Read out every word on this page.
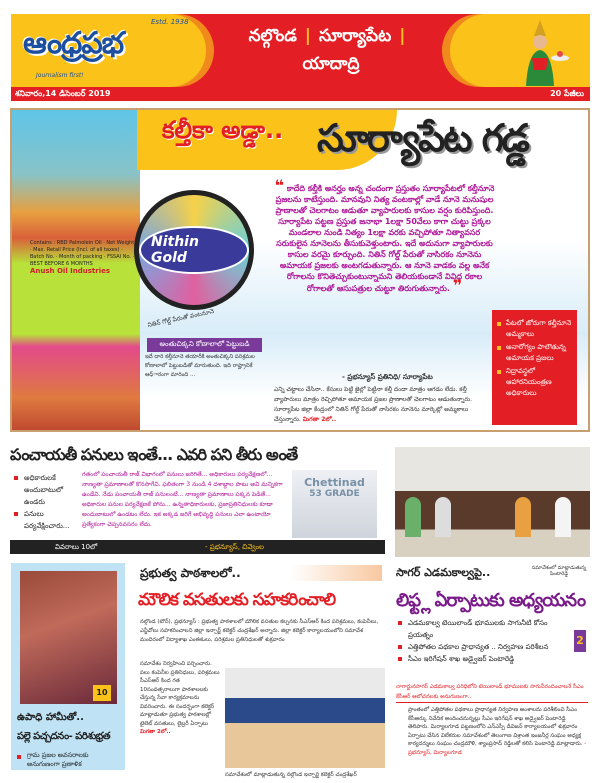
ఆంధ్రప్రభ
Estd. 1938
Journalism first!
నల్గొండ | సూర్యాపేట |
యాదాద్రి
శనివారం,14 డిసెంబర్ 2019	20 పేజీలు
Contains : RBD Palmolein Oil · Net Weight · Max. Retail Price (Incl. of all taxes) · Batch No. · Month of packing · FSSAI No. · BEST BEFORE 6 MONTHS
Anush Oil Industries
కల్తీకా అడ్డా.. సూర్యాపేట గడ్డ
Nithin Gold
నితిన్ గోల్డ్ పేరుతో వంటనూనె
అంతుచిక్కని కోణాలాలో పెట్టుబడి
ఇదే దారి కల్తీనూనె తయారీకి అంతుచిక్కని పరిశ్రమల కోణాలాలో పెట్టుబడితో మారుతుంది. ఇది రాష్ట్రానికే ఆధ్ారంగా మారింది ...
❝ కాదేది కల్తీకి అనర్హం అన్న చందంగా ప్రస్తుతం సూర్యాపేటలో కల్తీనూనె ప్రజలను కాటేస్తుంది. మానవుని నిత్య వంటకాల్లో వాడే నూనె మనుషుల ప్రాణాలతో చెలగాటం ఆడుతూ వ్యాపారులకు కాసుల వర్షం కురిపిస్తుంది. సూర్యాపేట పట్టణ ప్రస్తుత జనాభా 1లక్షా 50వేలు కాగా చుట్టు ప్రక్కల మండలాల నుండి నిత్యం 1లక్షా వరకు వచ్చిపోతూ నిత్యావసర సరుకులైన నూనెలను తీసుకువెళ్తుంటారు. ఇదే అదునుగా వ్యాపారులకు కాసుల వరమై కూర్చుంది. నితిన్ గోల్డ్ పేరుతో నాసిరకం నూనెను అమాయక ప్రజలకు అంటగడుతున్నారు. ఆ నూనె వాడకం వల్ల అనేక రోగాలను కొనితెచ్చుకుంటున్నామని తెలియకుండానే వివిధ రకాల రోగాలతో ఆసుపత్రుల చుట్టూ తిరుగుతున్నారు. ❞
- ప్రభన్యూస్ ప్రతినిధి/ సూర్యాపేట
ఎన్ని చట్టాలు చేసినా.. కేసులు పెట్టి జైల్లో పెట్టినా కల్తీ దందా మాత్రం ఆగడం లేదు. కల్తీ వ్యాపారులు మాత్రం రెచ్చిపోతూ అమాయక ప్రజల ప్రాణాలతో చెలగాటం ఆడుతున్నారు. సూర్యాపేట జిల్లా కేంద్రంలో నితిన్ గోల్డ్ పేరుతో నాసిరకం నూనెను మార్కెట్లో అమ్మకాలు చేస్తున్నారు. మిగతా 2లో..
పేటలో జోరుగా కల్తీనూనె అమ్మకాలు
అనారోగ్యం పాలౌతున్న అమాయక ప్రజలు
నిద్రావస్థలో ఆహారనియంత్రణ అధికారులు
పంచాయతీ పనులు ఇంతే... ఎవరి పని తీరు అంతే
అధికారులకే అందుబాటులో ఉండరు
పనులు పర్యవేక్షించారు...
గతంలో పంచాయతీ రాజ్ విభాగంలో పనులు జరిగితే... అధికారులు పర్యవేక్షణలో... నాణ్యతా ప్రమాణాలతో కొనసాగేవి. ఫలితంగా 3 నుండి 4 దశాబ్దాల పాటు అవి మన్నికగా ఉండేవి. నేడు పంచాయతీ రాజ్ పనులంటే... నాణ్యతా ప్రమాణాలు పక్కన పెడితే... అధికారుల పనుల పర్యవేక్షణకే పోను... ఉన్నతాధికారులకు, ప్రజాప్రతినిధులకు కూడా అందుబాటులో ఉండటం లేదు. ఇక అక్కడ జరిగే అభివృద్ధి పనులు ఎలా ఉంటాయో ప్రత్యేకంగా చెప్పనవసరం లేదు.
Chettinad
53 GRADE
వివరాలు 10లో	- ప్రభన్యూస్, చివ్వెంల
10
ఉపాధి హామీతో..
పల్లె పచ్చదనం- పరిశుభ్రత
గ్రామ ప్రజల అవసరాలకు అనుగుణంగా ప్రణాళిక
ప్రభుత్వ పాఠశాలలో..
మౌలిక వసతులకు సహకరించాలి
నల్గొండ (టౌన్), ప్రభన్యూస్ : ప్రభుత్వ పాఠశాలలో మౌలిక వసతుల కల్పనకు సీఎస్ఆర్ కింద పరిశ్రమలు, కంపెనీలు, ఎన్జీవోలు సహకరించాలని జిల్లా ఇన్చార్జ్ కలెక్టర్ చంద్రశేఖర్ అన్నారు. జిల్లా కలెక్టర్ కార్యాలయంలోని సమావేశ మందిరంలో విద్యాశాఖ ఎంఈఓలు, పరిశ్రమల ప్రతినిధులతో శుక్రవారం
సమావేశం నిర్వహించి పర్చించారు. పలు కంపెనీల ప్రతినిధులు, పరిశ్రమలు సీఎస్ఆర్ కింద గత 10సంవత్సరాలుగా పాఠశాలలకు చేస్తున్న సేవా కార్యక్రమాలను వివరించారు. ఈ సందర్భంగా కలెక్టర్ మాట్లాడుతూ ప్రభుత్వ పాఠశాలల్లో టైలెట్ వసతులు, లైబ్రరీ ఏర్పాటు
మిగతా 2లో..
సమావేశంలో మాట్లాడుతున్న నల్గొండ ఇన్చార్జి కలెక్టర్ చంద్రశేఖర్
సాగర్ ఎడమకాల్వపై..	సమావేశంలో మాట్లాడుతున్న పింటారెడ్డి
లిఫ్ట్ల ఏర్పాటుకు అధ్యయనం
ఎడమకాల్వ టెయిలాండ్ భూములకు సాగునీటి కోసం ప్రయత్నం
ఎత్తిపోతల పథకాల ప్రాధాన్యత .. నిర్వహణ పరిశీలన
సీఎం ఇరిగేషన్ శాఖ అడ్వైజర్ పెంటారెడ్డి
2
నాగార్జునసాగర్ ఎడమకాల్వ పరిధిలోని టెయిలాండ్ భూములకు సాగునీరందించాలనే సీఎం కేసీఆర్ ఆలోచనలకు అనుగుణంగా..
ప్రాంతంలో ఎత్తిపోతల పథకాలు ప్రాధాన్యత నిర్వహణ అంశాలను పరిశీలించి సీఎం కేసీఆర్కు నివేదిక అందించనున్నట్లు సీఎం ఇరిగేషన్ శాఖ అడ్వైజర్ పెంటారెడ్డి తెలిపారు. మిర్యాలగూడ పట్టణంలోని ఎన్ఎస్పీ డివిజన్ కార్యాలయంలో శుక్రవారం ఏర్పాటు చేసిన విలేకరుల సమావేశంలో తెలంగాణ విశ్రాంత ఇంజనీర్ల సంఘం అధ్యక్ష కార్యదర్శులు సంఘం చంద్రమౌళి, శ్యాంప్రసాద్ రెడ్డిలతో కలిసి పెంటారెడ్డి మాట్లాడారు. - ప్రభన్యూస్, మిర్యాలగూడ
